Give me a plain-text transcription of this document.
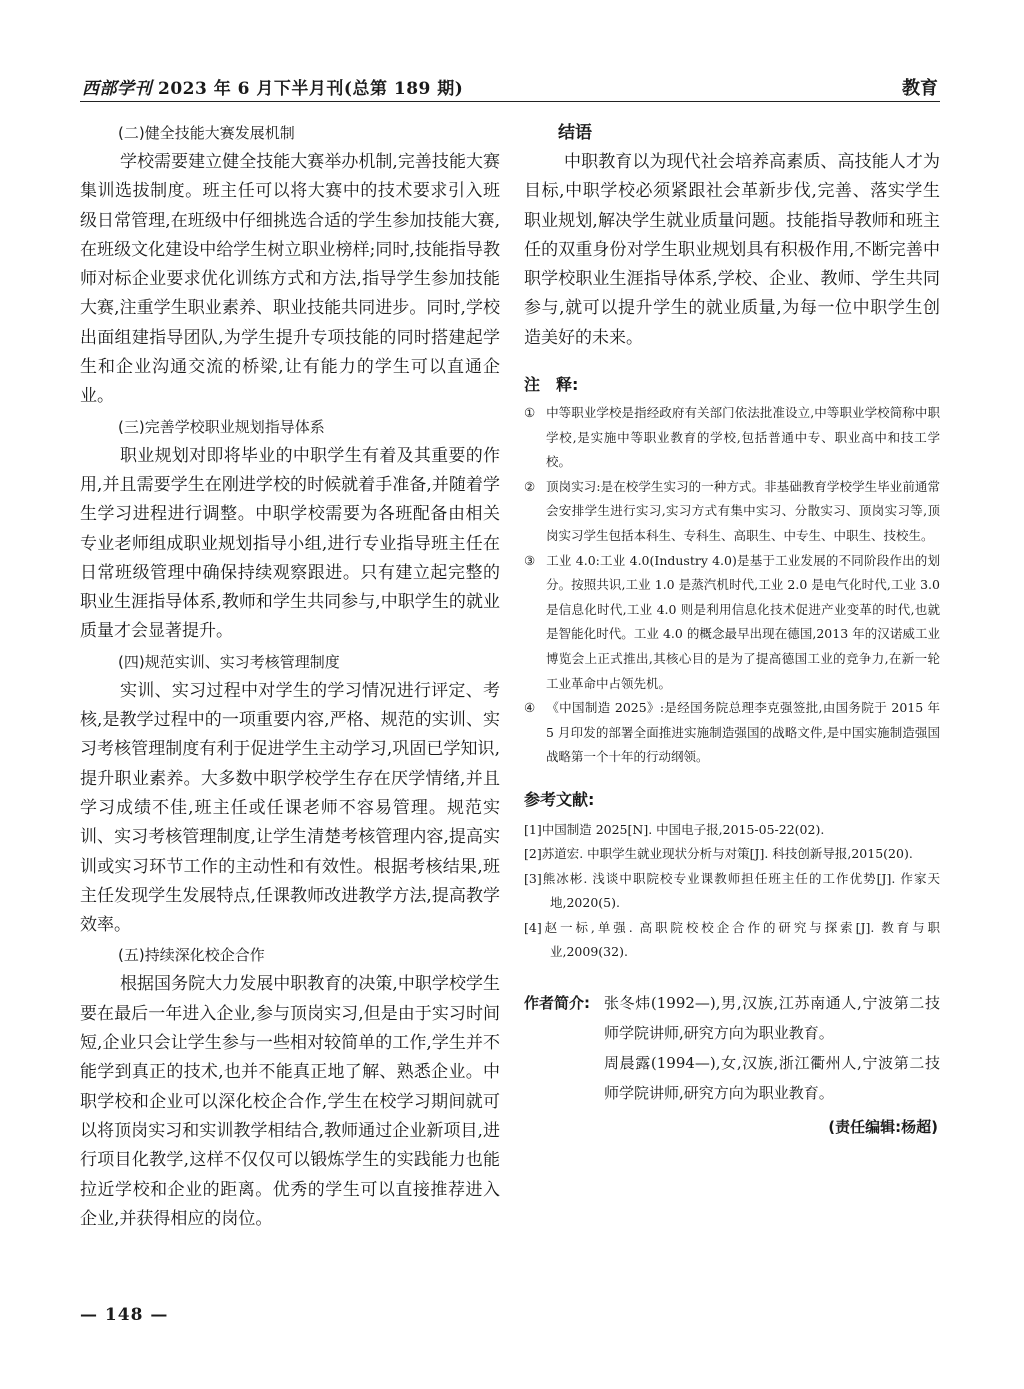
西部学刊 2023 年 6 月下半月刊(总第 189 期)	教育
(二)健全技能大赛发展机制

学校需要建立健全技能大赛举办机制,完善技能大赛集训选拔制度。班主任可以将大赛中的技术要求引入班级日常管理,在班级中仔细挑选合适的学生参加技能大赛,在班级文化建设中给学生树立职业榜样;同时,技能指导教师对标企业要求优化训练方式和方法,指导学生参加技能大赛,注重学生职业素养、职业技能共同进步。同时,学校出面组建指导团队,为学生提升专项技能的同时搭建起学生和企业沟通交流的桥梁,让有能力的学生可以直通企业。

(三)完善学校职业规划指导体系

职业规划对即将毕业的中职学生有着及其重要的作用,并且需要学生在刚进学校的时候就着手准备,并随着学生学习进程进行调整。中职学校需要为各班配备由相关专业老师组成职业规划指导小组,进行专业指导班主任在日常班级管理中确保持续观察跟进。只有建立起完整的职业生涯指导体系,教师和学生共同参与,中职学生的就业质量才会显著提升。

(四)规范实训、实习考核管理制度

实训、实习过程中对学生的学习情况进行评定、考核,是教学过程中的一项重要内容,严格、规范的实训、实习考核管理制度有利于促进学生主动学习,巩固已学知识,提升职业素养。大多数中职学校学生存在厌学情绪,并且学习成绩不佳,班主任或任课老师不容易管理。规范实训、实习考核管理制度,让学生清楚考核管理内容,提高实训或实习环节工作的主动性和有效性。根据考核结果,班主任发现学生发展特点,任课教师改进教学方法,提高教学效率。

(五)持续深化校企合作

根据国务院大力发展中职教育的决策,中职学校学生要在最后一年进入企业,参与顶岗实习,但是由于实习时间短,企业只会让学生参与一些相对较简单的工作,学生并不能学到真正的技术,也并不能真正地了解、熟悉企业。中职学校和企业可以深化校企合作,学生在校学习期间就可以将顶岗实习和实训教学相结合,教师通过企业新项目,进行项目化教学,这样不仅仅可以锻炼学生的实践能力也能拉近学校和企业的距离。优秀的学生可以直接推荐进入企业,并获得相应的岗位。

结语

中职教育以为现代社会培养高素质、高技能人才为目标,中职学校必须紧跟社会革新步伐,完善、落实学生职业规划,解决学生就业质量问题。技能指导教师和班主任的双重身份对学生职业规划具有积极作用,不断完善中职学校职业生涯指导体系,学校、企业、教师、学生共同参与,就可以提升学生的就业质量,为每一位中职学生创造美好的未来。

注　释:
① 中等职业学校是指经政府有关部门依法批准设立,中等职业学校简称中职学校,是实施中等职业教育的学校,包括普通中专、职业高中和技工学校。
② 顶岗实习:是在校学生实习的一种方式。非基础教育学校学生毕业前通常会安排学生进行实习,实习方式有集中实习、分散实习、顶岗实习等,顶岗实习学生包括本科生、专科生、高职生、中专生、中职生、技校生。
③ 工业 4.0:工业 4.0(Industry 4.0)是基于工业发展的不同阶段作出的划分。按照共识,工业 1.0 是蒸汽机时代,工业 2.0 是电气化时代,工业 3.0 是信息化时代,工业 4.0 则是利用信息化技术促进产业变革的时代,也就是智能化时代。工业 4.0 的概念最早出现在德国,2013 年的汉诺威工业博览会上正式推出,其核心目的是为了提高德国工业的竞争力,在新一轮工业革命中占领先机。
④ 《中国制造 2025》:是经国务院总理李克强签批,由国务院于 2015 年 5 月印发的部署全面推进实施制造强国的战略文件,是中国实施制造强国战略第一个十年的行动纲领。
参考文献:
[1]中国制造 2025[N]. 中国电子报,2015-05-22(02).
[2]苏道宏. 中职学生就业现状分析与对策[J]. 科技创新导报,2015(20).
[3]熊冰彬. 浅谈中职院校专业课教师担任班主任的工作优势[J]. 作家天地,2020(5).
[4]赵一标,单强. 高职院校校企合作的研究与探索[J]. 教育与职业,2009(32).
作者简介: 张冬炜(1992—),男,汉族,江苏南通人,宁波第二技师学院讲师,研究方向为职业教育。
周晨露(1994—),女,汉族,浙江衢州人,宁波第二技师学院讲师,研究方向为职业教育。
(责任编辑:杨超)
— 148 —
